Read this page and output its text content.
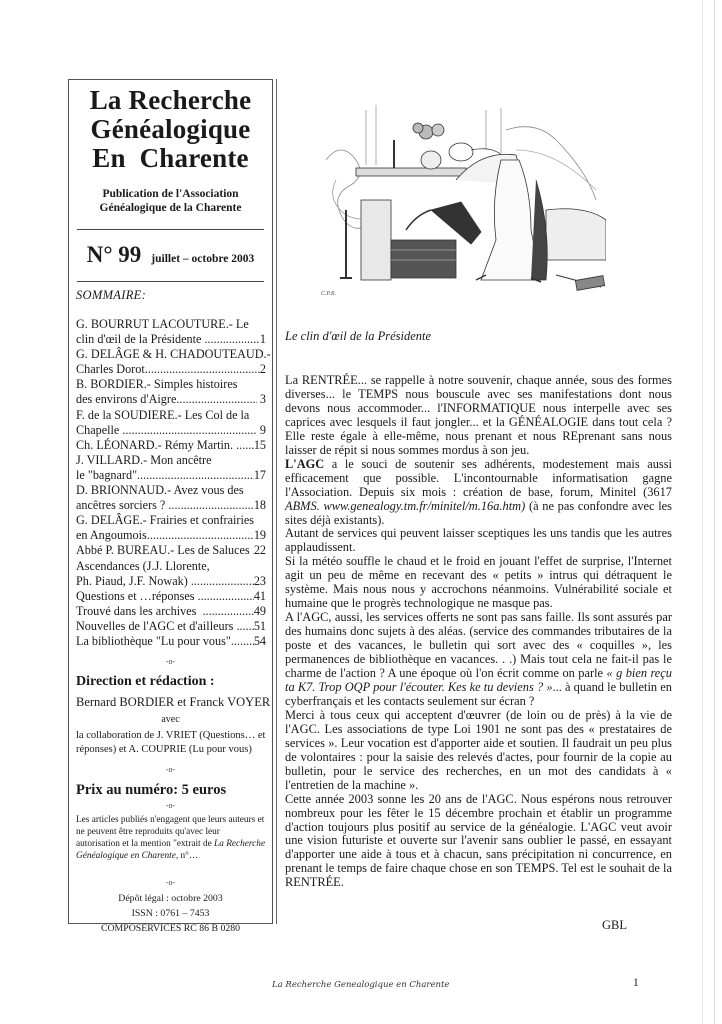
La Recherche
Généalogique
En  Charente
Publication de l'Association
Généalogique de la Charente
N° 99 juillet – octobre 2003
SOMMAIRE:
G. BOURRUT LACOUTURE.- Le
clin d'œil de la Présidente .....	1
G. DELÂGE & H. CHADOUTEAUD.-
Charles Dorot .....	2
B. BORDIER.- Simples histoires
des environs d'Aigre .....	3
F. de la SOUDIERE.- Les Col de la
Chapelle .....	9
Ch. LÉONARD.- Rémy Martin. ..... 15
J. VILLARD.- Mon ancêtre
le "bagnard" .....	17
D. BRIONNAUD.- Avez vous des
ancêtres sorciers ? .....	18
G. DELÂGE.- Frairies et confrairies
en Angoumois .....	19
Abbé P. BUREAU.- Les de Saluces ..... 22
Ascendances (J.J. Llorente,
Ph. Piaud, J.F. Nowak) .....	23
Questions et …réponses .....	41
Trouvé dans les archives .....	49
Nouvelles de l'AGC et d'ailleurs ..... 51
La bibliothèque "Lu pour vous" ..... 54
-o-
Direction et rédaction :
Bernard BORDIER et Franck VOYER
avec
la collaboration de J. VRIET (Questions… et réponses) et A. COUPRIE (Lu pour vous)
-o-
Prix au numéro: 5 euros
-o-
Les articles publiés n'engagent que leurs auteurs et ne peuvent être reproduits qu'avec leur autorisation et la mention "extrait de La Recherche Généalogique en Charente, n°…
-o-
Dépôt légal : octobre 2003
ISSN : 0761 – 7453
COMPOSERVICES RC 86 B 0280
C.P.R.
Le clin d'œil de la Présidente

La RENTRÉE... se rappelle à notre souvenir, chaque année, sous des formes diverses... le TEMPS nous bouscule avec ses manifestations dont nous devons nous accommoder... l'INFORMATIQUE nous interpelle avec ses caprices avec lesquels il faut jongler... et la GÉNÉALOGIE dans tout cela ? Elle reste égale à elle-même, nous prenant et nous REprenant sans nous laisser de répit si nous sommes mordus à son jeu.

L'AGC a le souci de soutenir ses adhérents, modestement mais aussi efficacement que possible. L'incontournable informatisation gagne l'Association. Depuis six mois : création de base, forum, Minitel (3617 ABMS. www.genealogy.tm.fr/minitel/m.16a.htm) (à ne pas confondre avec les sites déjà existants).

Autant de services qui peuvent laisser sceptiques les uns tandis que les autres applaudissent.

Si la météo souffle le chaud et le froid en jouant l'effet de surprise, l'Internet agit un peu de même en recevant des « petits » intrus qui détraquent le système. Mais nous nous y accrochons néanmoins. Vulnérabilité sociale et humaine que le progrès technologique ne masque pas.

A l'AGC, aussi, les services offerts ne sont pas sans faille. Ils sont assurés par des humains donc sujets à des aléas. (service des commandes tributaires de la poste et des vacances, le bulletin qui sort avec des « coquilles », les permanences de bibliothèque en vacances. . .) Mais tout cela ne fait-il pas le charme de l'action ? A une époque où l'on écrit comme on parle « g bien reçu ta K7. Trop OQP pour l'écouter. Kes ke tu deviens ? »... à quand le bulletin en cyberfrançais et les contacts seulement sur écran ?

Merci à tous ceux qui acceptent d'œuvrer (de loin ou de près) à la vie de l'AGC. Les associations de type Loi 1901 ne sont pas des « prestataires de services ». Leur vocation est d'apporter aide et soutien. Il faudrait un peu plus de volontaires : pour la saisie des relevés d'actes, pour fournir de la copie au bulletin, pour le service des recherches, en un mot des candidats à « l'entretien de la machine ».

Cette année 2003 sonne les 20 ans de l'AGC. Nous espérons nous retrouver nombreux pour les fêter le 15 décembre prochain et établir un programme d'action toujours plus positif au service de la généalogie. L'AGC veut avoir une vision futuriste et ouverte sur l'avenir sans oublier le passé, en essayant d'apporter une aide à tous et à chacun, sans précipitation ni concurrence, en prenant le temps de faire chaque chose en son TEMPS. Tel est le souhait de la RENTRÉE.

GBL
La Recherche Genealogique en Charente	1
